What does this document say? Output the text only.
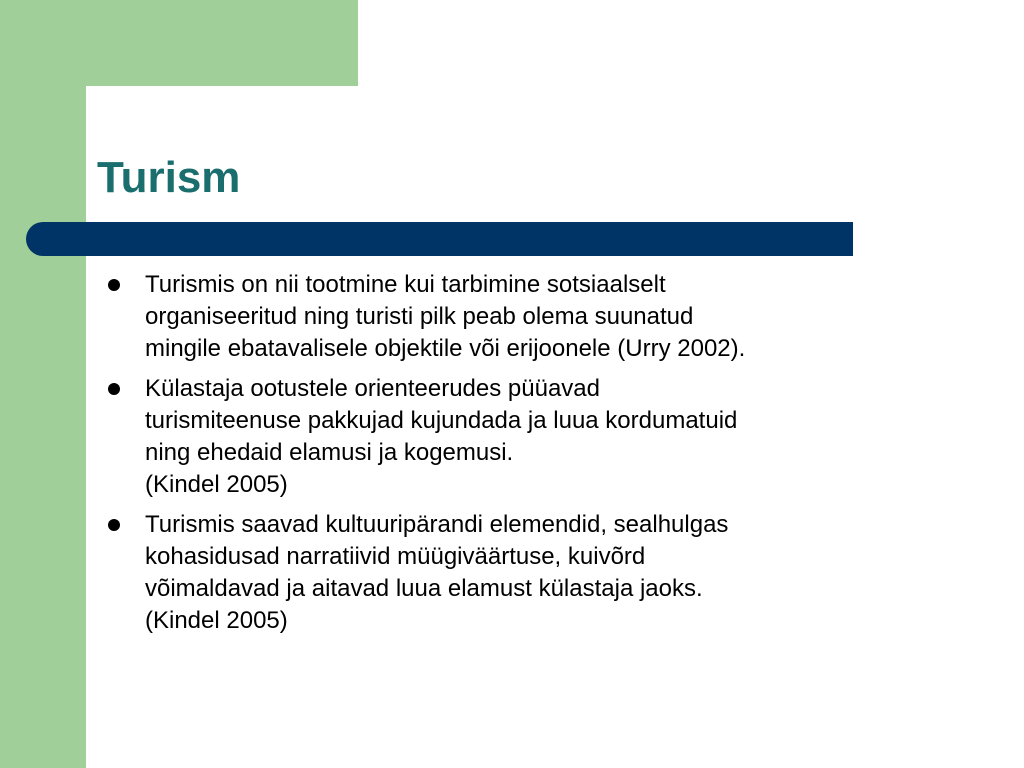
Turism
Turismis on nii tootmine kui tarbimine sotsiaalselt
organiseeritud ning turisti pilk peab olema suunatud
mingile ebatavalisele objektile või erijoonele (Urry 2002).
Külastaja ootustele orienteerudes püüavad
turismiteenuse pakkujad kujundada ja luua kordumatuid
ning ehedaid elamusi ja kogemusi.
(Kindel 2005)
Turismis saavad kultuuripärandi elemendid, sealhulgas
kohasidusad narratiivid müügiväärtuse, kuivõrd
võimaldavad ja aitavad luua elamust külastaja jaoks.
(Kindel 2005)
